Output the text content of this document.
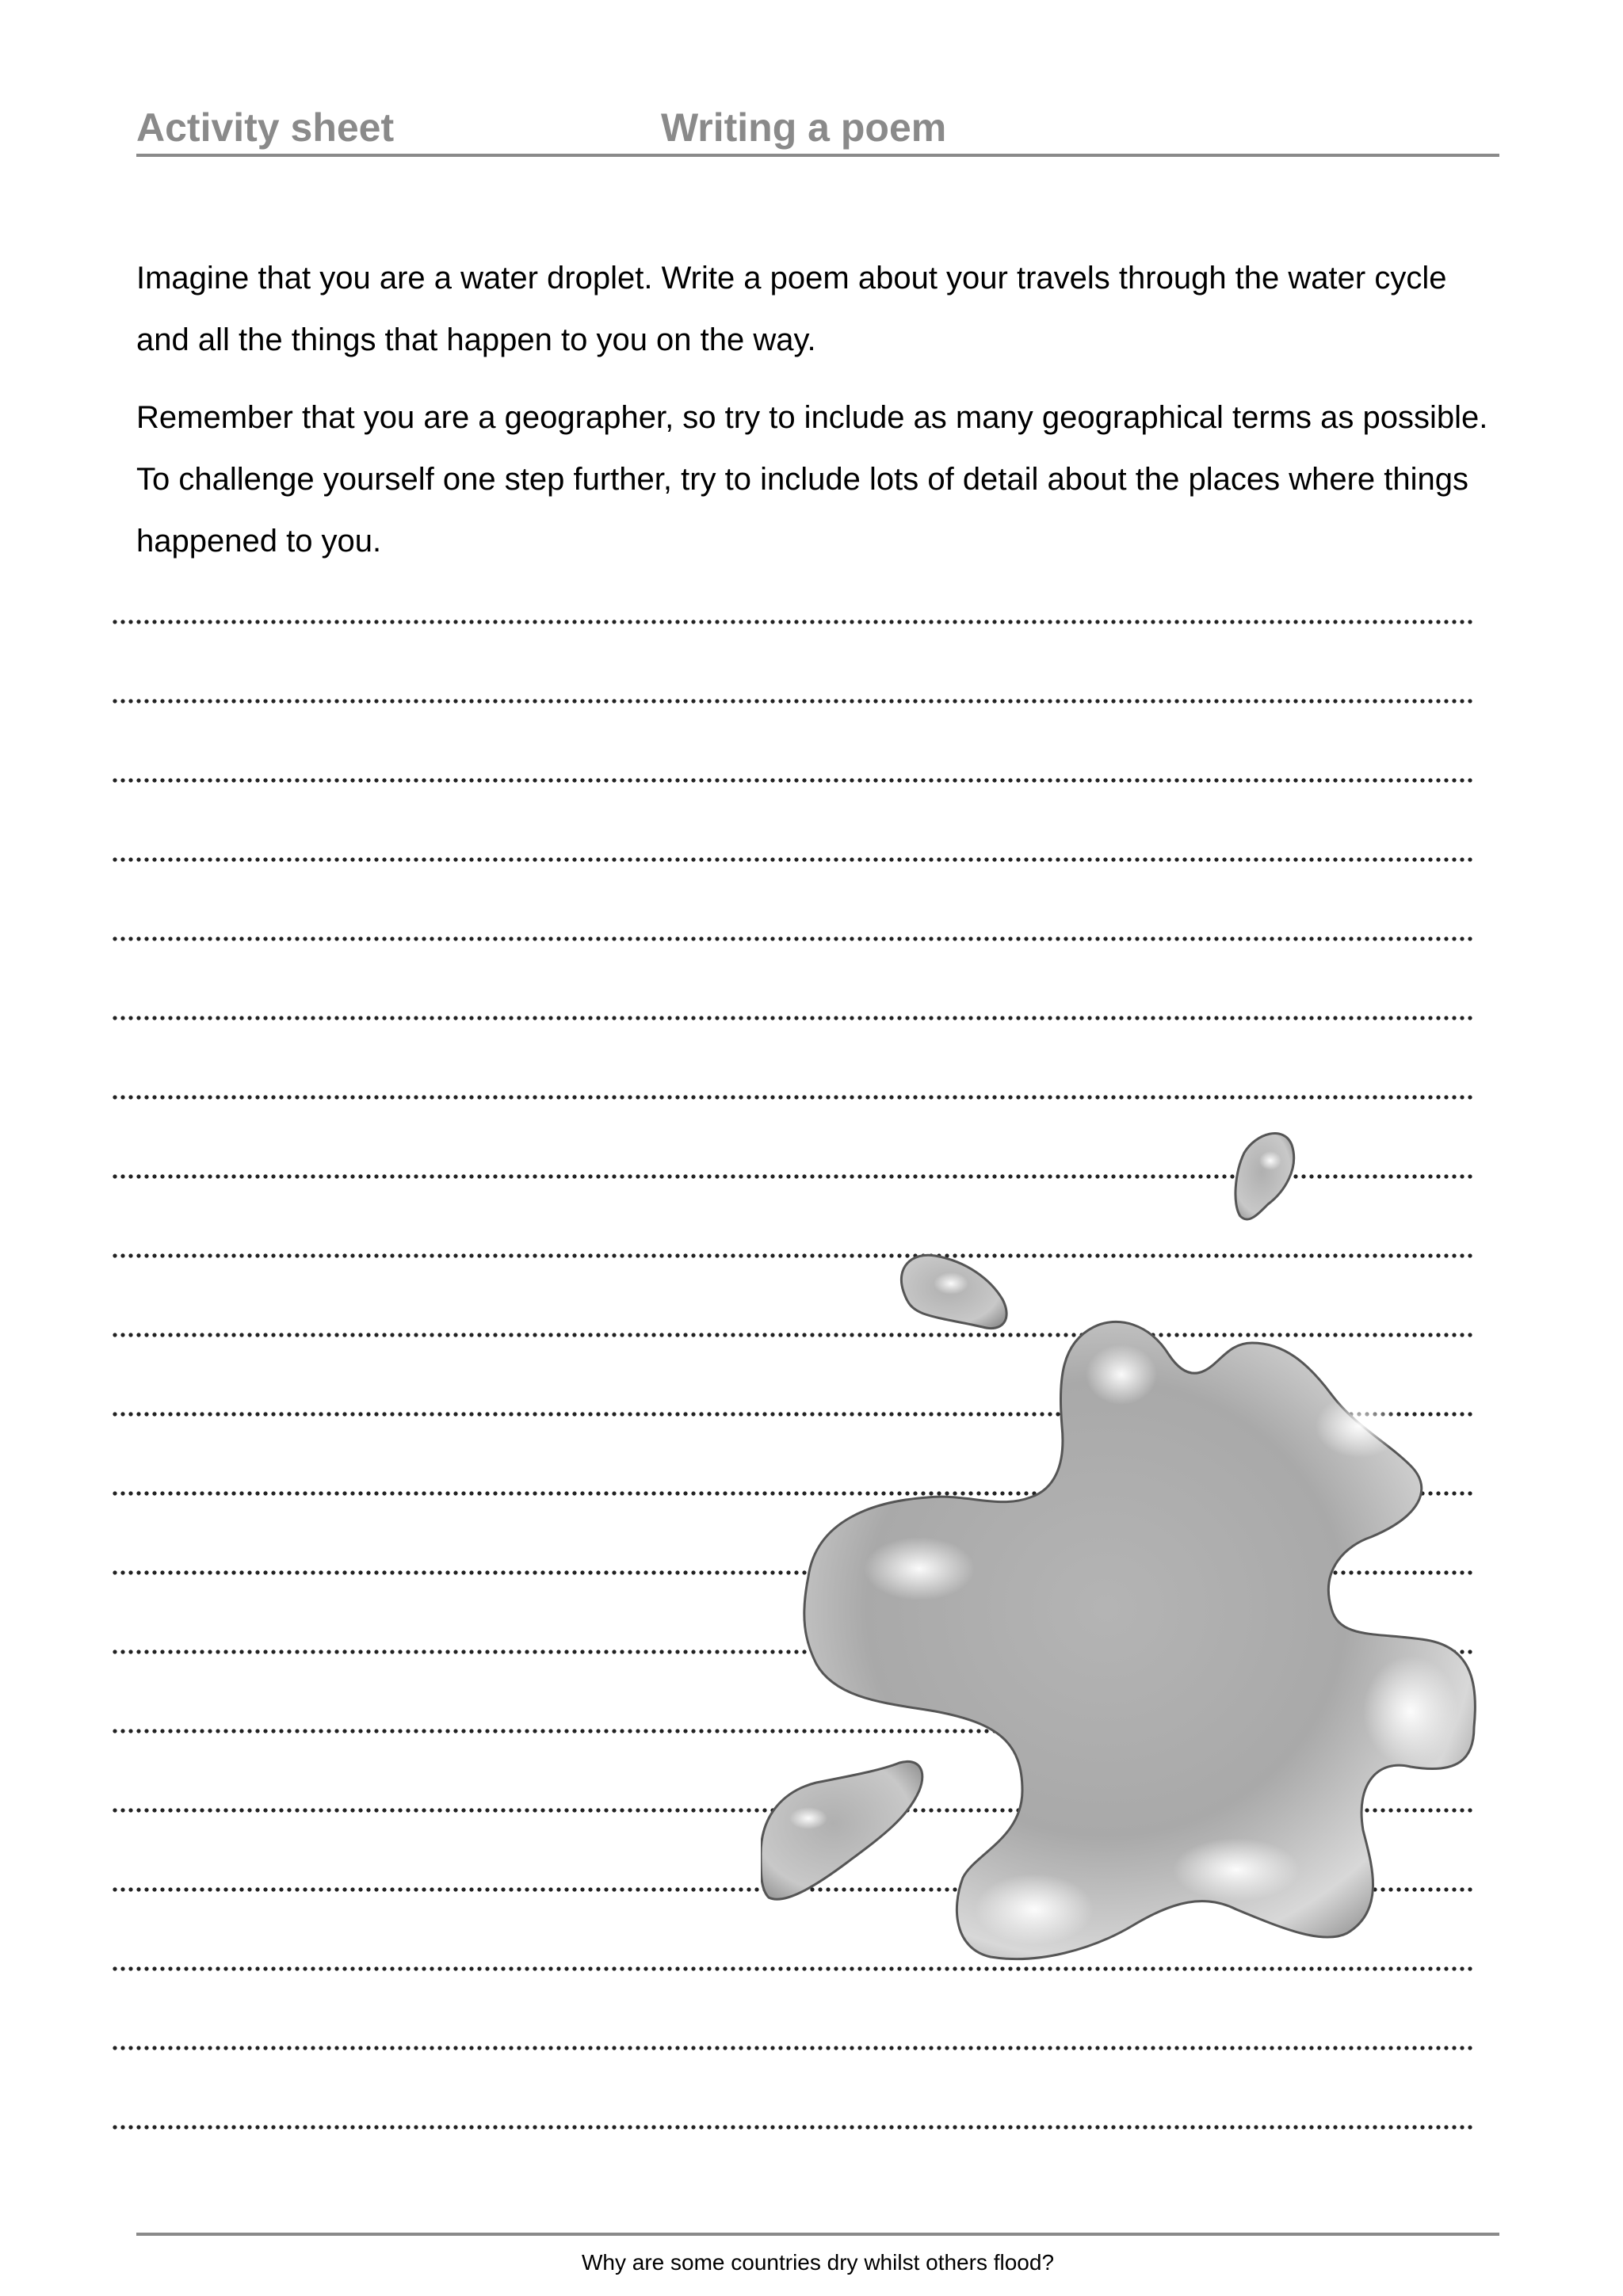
Activity sheet	Writing a poem

Imagine that you are a water droplet. Write a poem about your travels through the water cycle and all the things that happen to you on the way.

Remember that you are a geographer, so try to include as many geographical terms as possible. To challenge yourself one step further, try to include lots of detail about the places where things happened to you.

Why are some countries dry whilst others flood?
